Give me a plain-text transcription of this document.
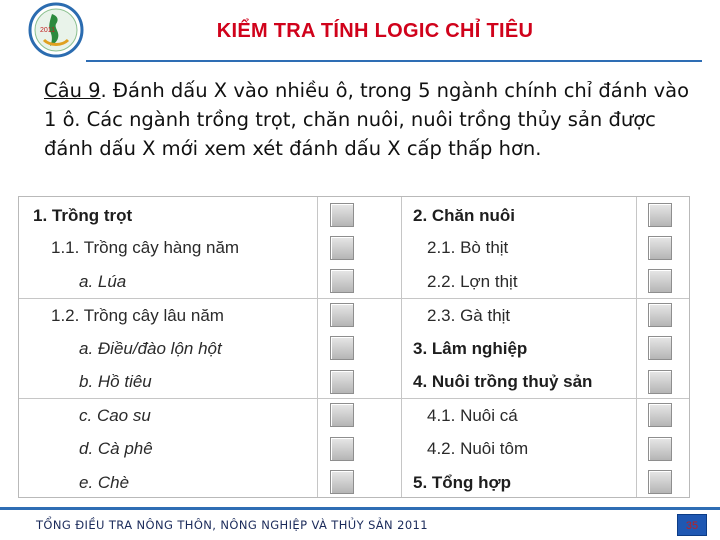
2011	KIỂM TRA TÍNH LOGIC CHỈ TIÊU
Câu 9. Đánh dấu X vào nhiều ô, trong 5 ngành chính chỉ đánh vào 1 ô. Các ngành trồng trọt, chăn nuôi, nuôi trồng thủy sản được đánh dấu X mới xem xét đánh dấu X cấp thấp hơn.
1. Trồng trọt
1.1. Trồng cây hàng năm
a. Lúa
1.2. Trồng cây lâu năm
a. Điều/đào lộn hột
b. Hồ tiêu
c. Cao su
d. Cà phê
e. Chè
2. Chăn nuôi
2.1. Bò thịt
2.2. Lợn thịt
2.3. Gà thịt
3. Lâm nghiệp
4. Nuôi trồng thuỷ sản
4.1. Nuôi cá
4.2. Nuôi tôm
5. Tổng hợp
TỔNG ĐIỀU TRA NÔNG THÔN, NÔNG NGHIỆP VÀ THỦY SẢN 2011	35
